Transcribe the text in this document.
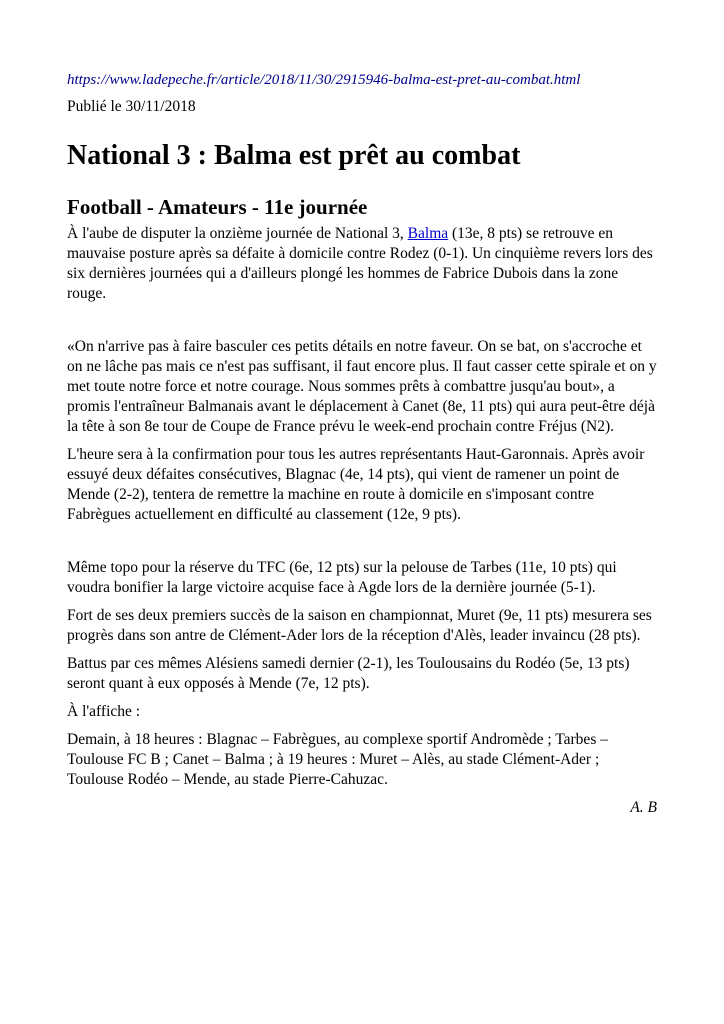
https://www.ladepeche.fr/article/2018/11/30/2915946-balma-est-pret-au-combat.html

Publié le 30/11/2018

National 3 : Balma est prêt au combat
Football - Amateurs - 11e journée

À l'aube de disputer la onzième journée de National 3, Balma (13e, 8 pts) se retrouve en mauvaise posture après sa défaite à domicile contre Rodez (0-1). Un cinquième revers lors des six dernières journées qui a d'ailleurs plongé les hommes de Fabrice Dubois dans la zone rouge.

«On n'arrive pas à faire basculer ces petits détails en notre faveur. On se bat, on s'accroche et on ne lâche pas mais ce n'est pas suffisant, il faut encore plus. Il faut casser cette spirale et on y met toute notre force et notre courage. Nous sommes prêts à combattre jusqu'au bout», a promis l'entraîneur Balmanais avant le déplacement à Canet (8e, 11 pts) qui aura peut-être déjà la tête à son 8e tour de Coupe de France prévu le week-end prochain contre Fréjus (N2).

L'heure sera à la confirmation pour tous les autres représentants Haut-Garonnais. Après avoir essuyé deux défaites consécutives, Blagnac (4e, 14 pts), qui vient de ramener un point de Mende (2-2), tentera de remettre la machine en route à domicile en s'imposant contre Fabrègues actuellement en difficulté au classement (12e, 9 pts).

Même topo pour la réserve du TFC (6e, 12 pts) sur la pelouse de Tarbes (11e, 10 pts) qui voudra bonifier la large victoire acquise face à Agde lors de la dernière journée (5-1).

Fort de ses deux premiers succès de la saison en championnat, Muret (9e, 11 pts) mesurera ses progrès dans son antre de Clément-Ader lors de la réception d'Alès, leader invaincu (28 pts).

Battus par ces mêmes Alésiens samedi dernier (2-1), les Toulousains du Rodéo (5e, 13 pts) seront quant à eux opposés à Mende (7e, 12 pts).

À l'affiche :

Demain, à 18 heures : Blagnac – Fabrègues, au complexe sportif Andromède ; Tarbes – Toulouse FC B ; Canet – Balma ; à 19 heures : Muret – Alès, au stade Clément-Ader ; Toulouse Rodéo – Mende, au stade Pierre-Cahuzac.

A. B
